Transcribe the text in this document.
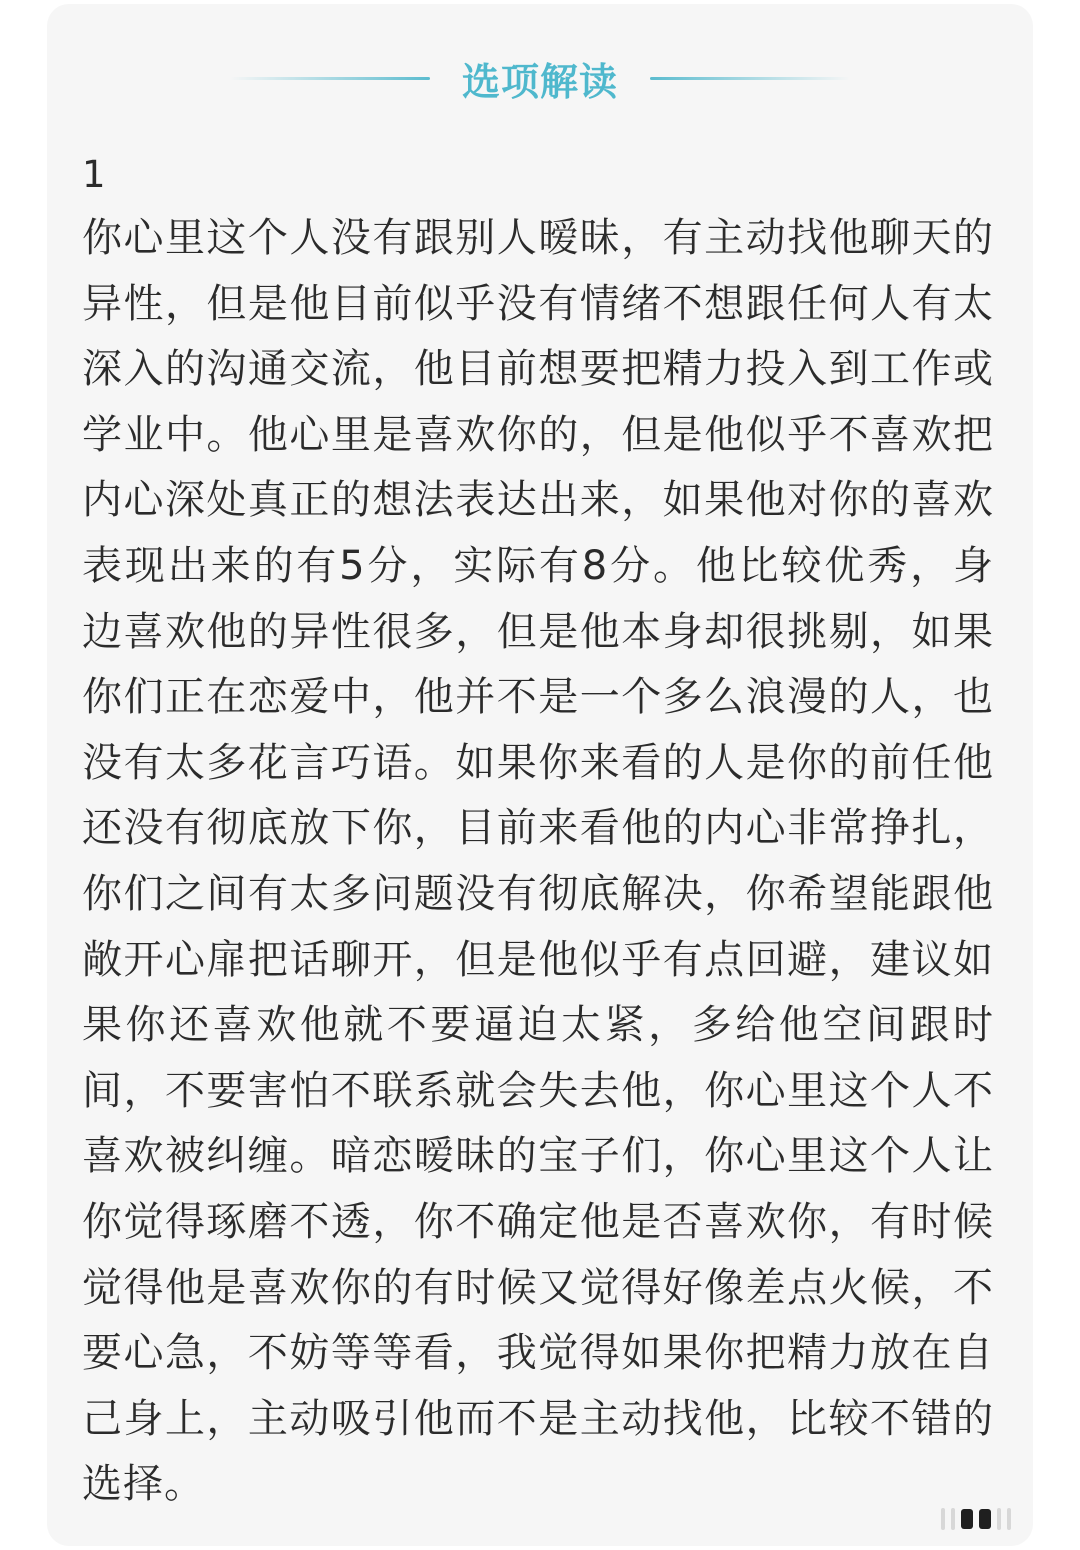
选项解读
1
你心里这个人没有跟别人暧昧，有主动找他聊天的异性，但是他目前似乎没有情绪不想跟任何人有太深入的沟通交流，他目前想要把精力投入到工作或学业中。他心里是喜欢你的，但是他似乎不喜欢把内心深处真正的想法表达出来，如果他对你的喜欢表现出来的有5分，实际有8分。他比较优秀，身边喜欢他的异性很多，但是他本身却很挑剔，如果你们正在恋爱中，他并不是一个多么浪漫的人，也没有太多花言巧语。如果你来看的人是你的前任他还没有彻底放下你，目前来看他的内心非常挣扎，你们之间有太多问题没有彻底解决，你希望能跟他敞开心扉把话聊开，但是他似乎有点回避，建议如果你还喜欢他就不要逼迫太紧，多给他空间跟时间，不要害怕不联系就会失去他，你心里这个人不喜欢被纠缠。暗恋暧昧的宝子们，你心里这个人让你觉得琢磨不透，你不确定他是否喜欢你，有时候觉得他是喜欢你的有时候又觉得好像差点火候，不要心急，不妨等等看，我觉得如果你把精力放在自己身上，主动吸引他而不是主动找他，比较不错的选择。
